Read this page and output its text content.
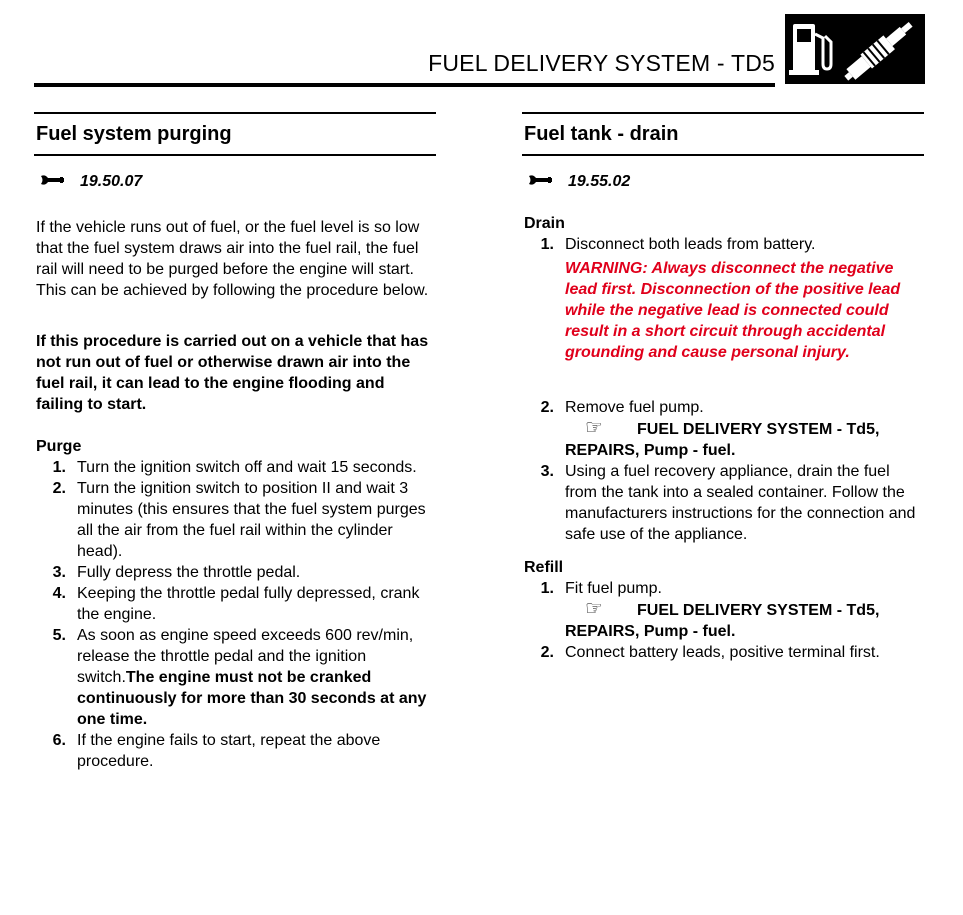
FUEL DELIVERY SYSTEM - TD5
Fuel system purging
19.50.07

If the vehicle runs out of fuel, or the fuel level is so low that the fuel system draws air into the fuel rail, the fuel rail will need to be purged before the engine will start. This can be achieved by following the procedure below.

If this procedure is carried out on a vehicle that has not run out of fuel or otherwise drawn air into the fuel rail, it can lead to the engine flooding and failing to start.

Purge
1. Turn the ignition switch off and wait 15 seconds.
2. Turn the ignition switch to position II and wait 3 minutes (this ensures that the fuel system purges all the air from the fuel rail within the cylinder head).
3. Fully depress the throttle pedal.
4. Keeping the throttle pedal fully depressed, crank the engine.
5. As soon as engine speed exceeds 600 rev/min, release the throttle pedal and the ignition switch.The engine must not be cranked continuously for more than 30 seconds at any one time.
6. If the engine fails to start, repeat the above procedure.
Fuel tank - drain
19.55.02
Drain
1. Disconnect both leads from battery.
WARNING: Always disconnect the negative lead first. Disconnection of the positive lead while the negative lead is connected could result in a short circuit through accidental grounding and cause personal injury.
2. Remove fuel pump.
☞ FUEL DELIVERY SYSTEM - Td5, REPAIRS, Pump - fuel.
3. Using a fuel recovery appliance, drain the fuel from the tank into a sealed container. Follow the manufacturers instructions for the connection and safe use of the appliance.
Refill
1. Fit fuel pump.
☞ FUEL DELIVERY SYSTEM - Td5, REPAIRS, Pump - fuel.
2. Connect battery leads, positive terminal first.
